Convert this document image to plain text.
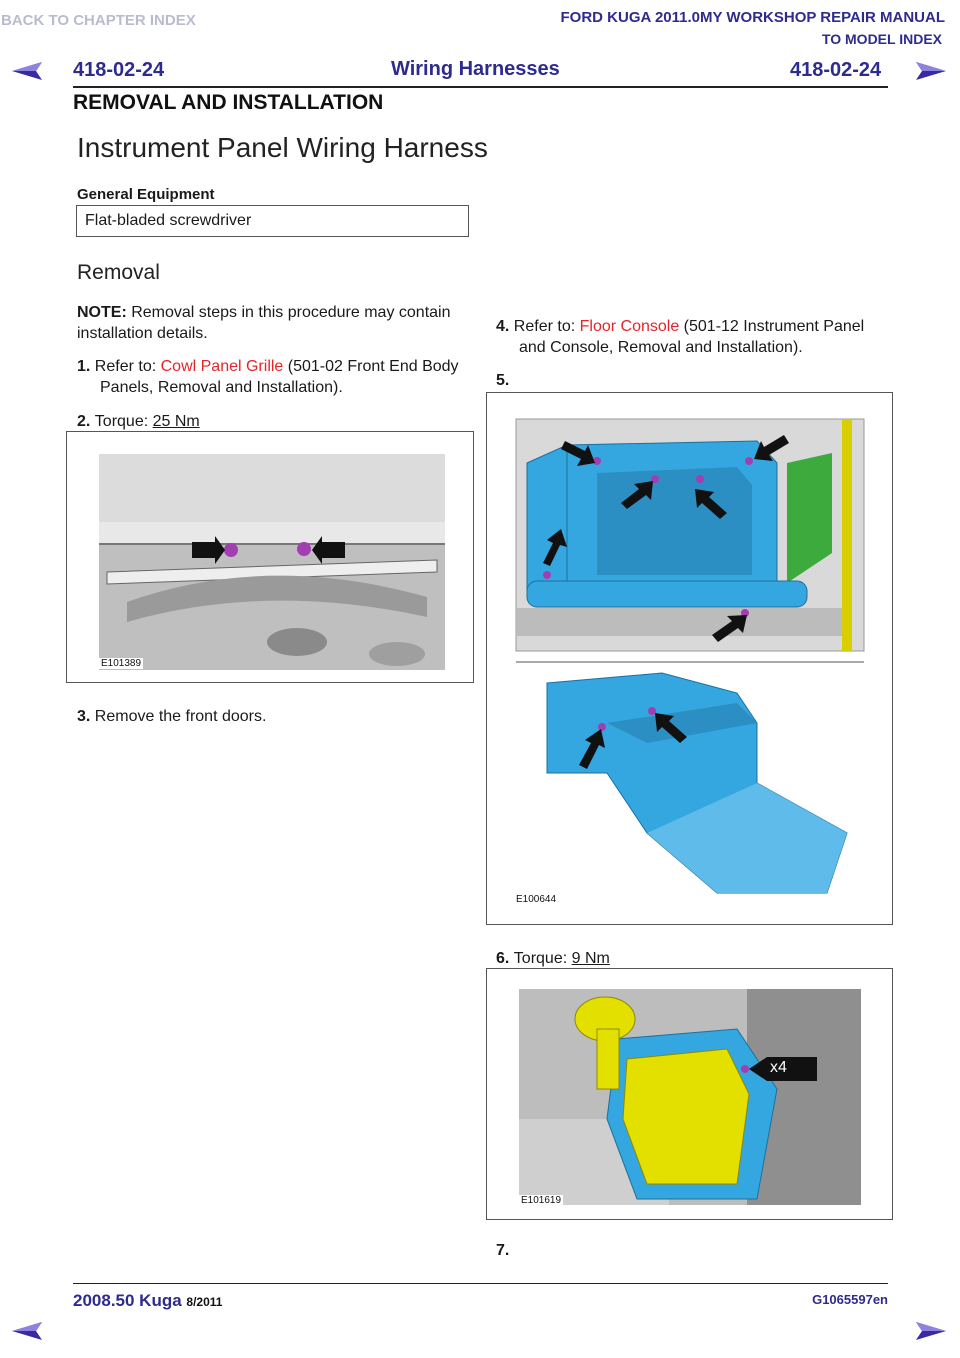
BACK TO CHAPTER INDEX	FORD KUGA 2011.0MY WORKSHOP REPAIR MANUAL
TO MODEL INDEX
418-02-24	Wiring Harnesses	418-02-24
REMOVAL AND INSTALLATION
Instrument Panel Wiring Harness
General Equipment
Flat-bladed screwdriver
Removal
NOTE: Removal steps in this procedure may contain installation details.
1. Refer to: Cowl Panel Grille (501-02 Front End Body Panels, Removal and Installation).
2. Torque: 25 Nm
E101389
3. Remove the front doors.
4. Refer to: Floor Console (501-12 Instrument Panel and Console, Removal and Installation).
5.
E100644
6. Torque: 9 Nm
x4
E101619
7.
2008.50 Kuga 8/2011	G1065597en
